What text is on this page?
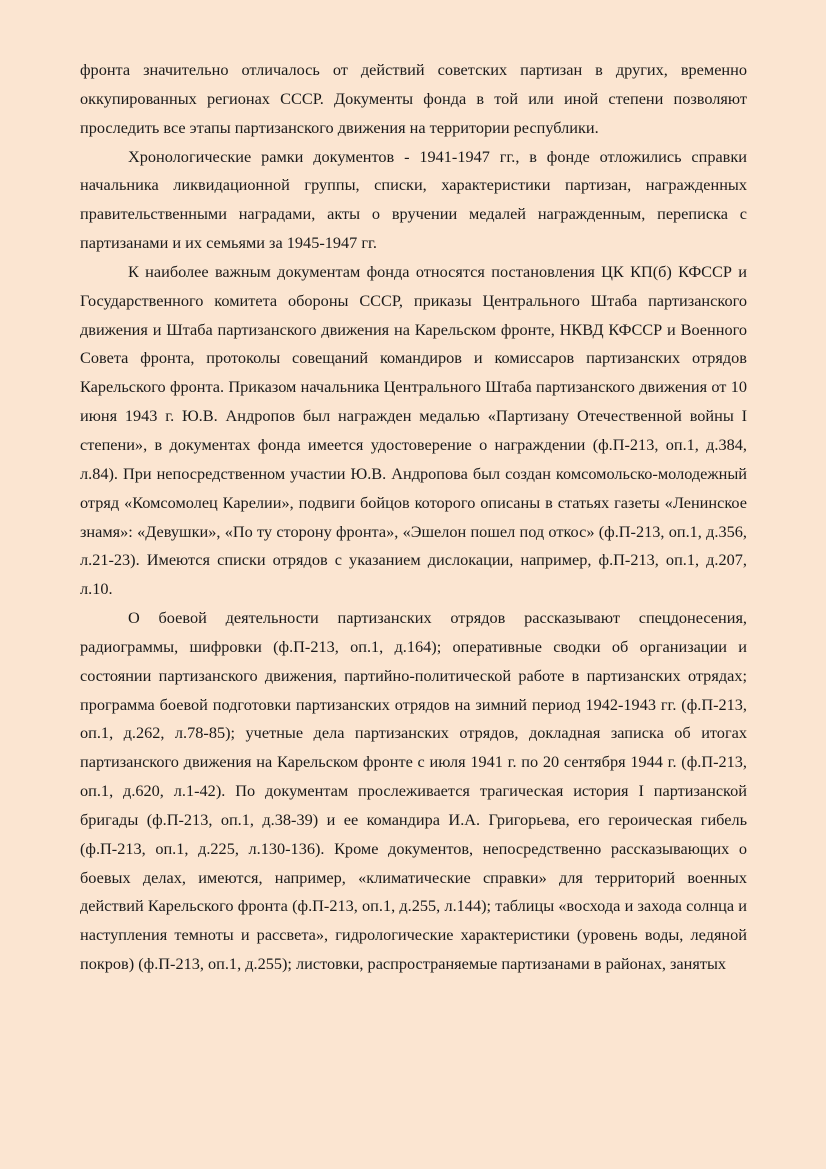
фронта значительно отличалось от действий советских партизан в других, временно оккупированных регионах СССР. Документы фонда в той или иной степени позволяют проследить все этапы партизанского движения на территории республики.

Хронологические рамки документов - 1941-1947 гг., в фонде отложились справки начальника ликвидационной группы, списки, характеристики партизан, награжденных правительственными наградами, акты о вручении медалей награжденным, переписка с партизанами и их семьями за 1945-1947 гг.

К наиболее важным документам фонда относятся постановления ЦК КП(б) КФССР и Государственного комитета обороны СССР, приказы Центрального Штаба партизанского движения и Штаба партизанского движения на Карельском фронте, НКВД КФССР и Военного Совета фронта, протоколы совещаний командиров и комиссаров партизанских отрядов Карельского фронта. Приказом начальника Центрального Штаба партизанского движения от 10 июня 1943 г. Ю.В. Андропов был награжден медалью «Партизану Отечественной войны I степени», в документах фонда имеется удостоверение о награждении (ф.П-213, оп.1, д.384, л.84). При непосредственном участии Ю.В. Андропова был создан комсомольско-молодежный отряд «Комсомолец Карелии», подвиги бойцов которого описаны в статьях газеты «Ленинское знамя»: «Девушки», «По ту сторону фронта», «Эшелон пошел под откос» (ф.П-213, оп.1, д.356, л.21-23). Имеются списки отрядов с указанием дислокации, например, ф.П-213, оп.1, д.207, л.10.

О боевой деятельности партизанских отрядов рассказывают спецдонесения, радиограммы, шифровки (ф.П-213, оп.1, д.164); оперативные сводки об организации и состоянии партизанского движения, партийно-политической работе в партизанских отрядах; программа боевой подготовки партизанских отрядов на зимний период 1942-1943 гг. (ф.П-213, оп.1, д.262, л.78-85); учетные дела партизанских отрядов, докладная записка об итогах партизанского движения на Карельском фронте с июля 1941 г. по 20 сентября 1944 г. (ф.П-213, оп.1, д.620, л.1-42). По документам прослеживается трагическая история I партизанской бригады (ф.П-213, оп.1, д.38-39) и ее командира И.А. Григорьева, его героическая гибель (ф.П-213, оп.1, д.225, л.130-136). Кроме документов, непосредственно рассказывающих о боевых делах, имеются, например, «климатические справки» для территорий военных действий Карельского фронта (ф.П-213, оп.1, д.255, л.144); таблицы «восхода и захода солнца и наступления темноты и рассвета», гидрологические характеристики (уровень воды, ледяной покров) (ф.П-213, оп.1, д.255); листовки, распространяемые партизанами в районах, занятых
